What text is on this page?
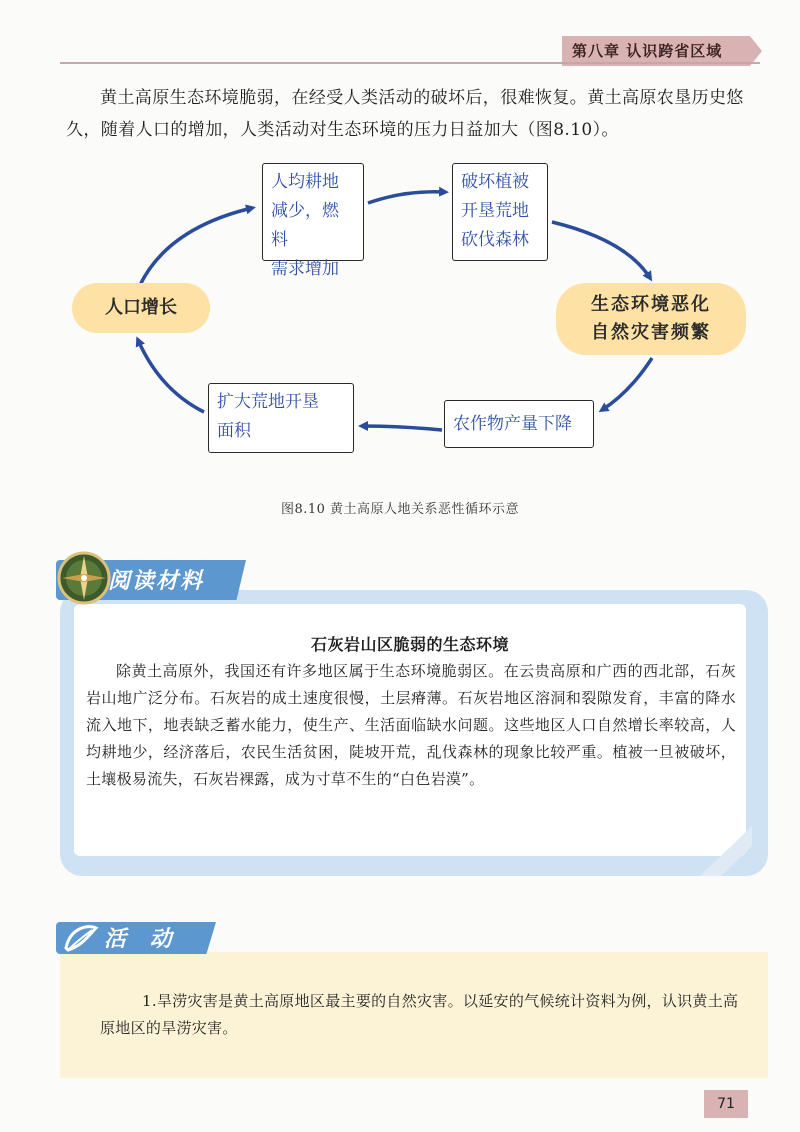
第八章 认识跨省区域

黄土高原生态环境脆弱，在经受人类活动的破坏后，很难恢复。黄土高原农垦历史悠久，随着人口的增加，人类活动对生态环境的压力日益加大（图8.10）。

人均耕地
减少，燃料
需求增加
破坏植被
开垦荒地
砍伐森林
生态环境恶化
自然灾害频繁
农作物产量下降
扩大荒地开垦
面积
人口增长
图8.10 黄土高原人地关系恶性循环示意
阅读材料
石灰岩山区脆弱的生态环境

除黄土高原外，我国还有许多地区属于生态环境脆弱区。在云贵高原和广西的西北部，石灰岩山地广泛分布。石灰岩的成土速度很慢，土层瘠薄。石灰岩地区溶洞和裂隙发育，丰富的降水流入地下，地表缺乏蓄水能力，使生产、生活面临缺水问题。这些地区人口自然增长率较高，人均耕地少，经济落后，农民生活贫困，陡坡开荒，乱伐森林的现象比较严重。植被一旦被破坏，土壤极易流失，石灰岩裸露，成为寸草不生的“白色岩漠”。

活 动

1.旱涝灾害是黄土高原地区最主要的自然灾害。以延安的气候统计资料为例，认识黄土高原地区的旱涝灾害。

71
